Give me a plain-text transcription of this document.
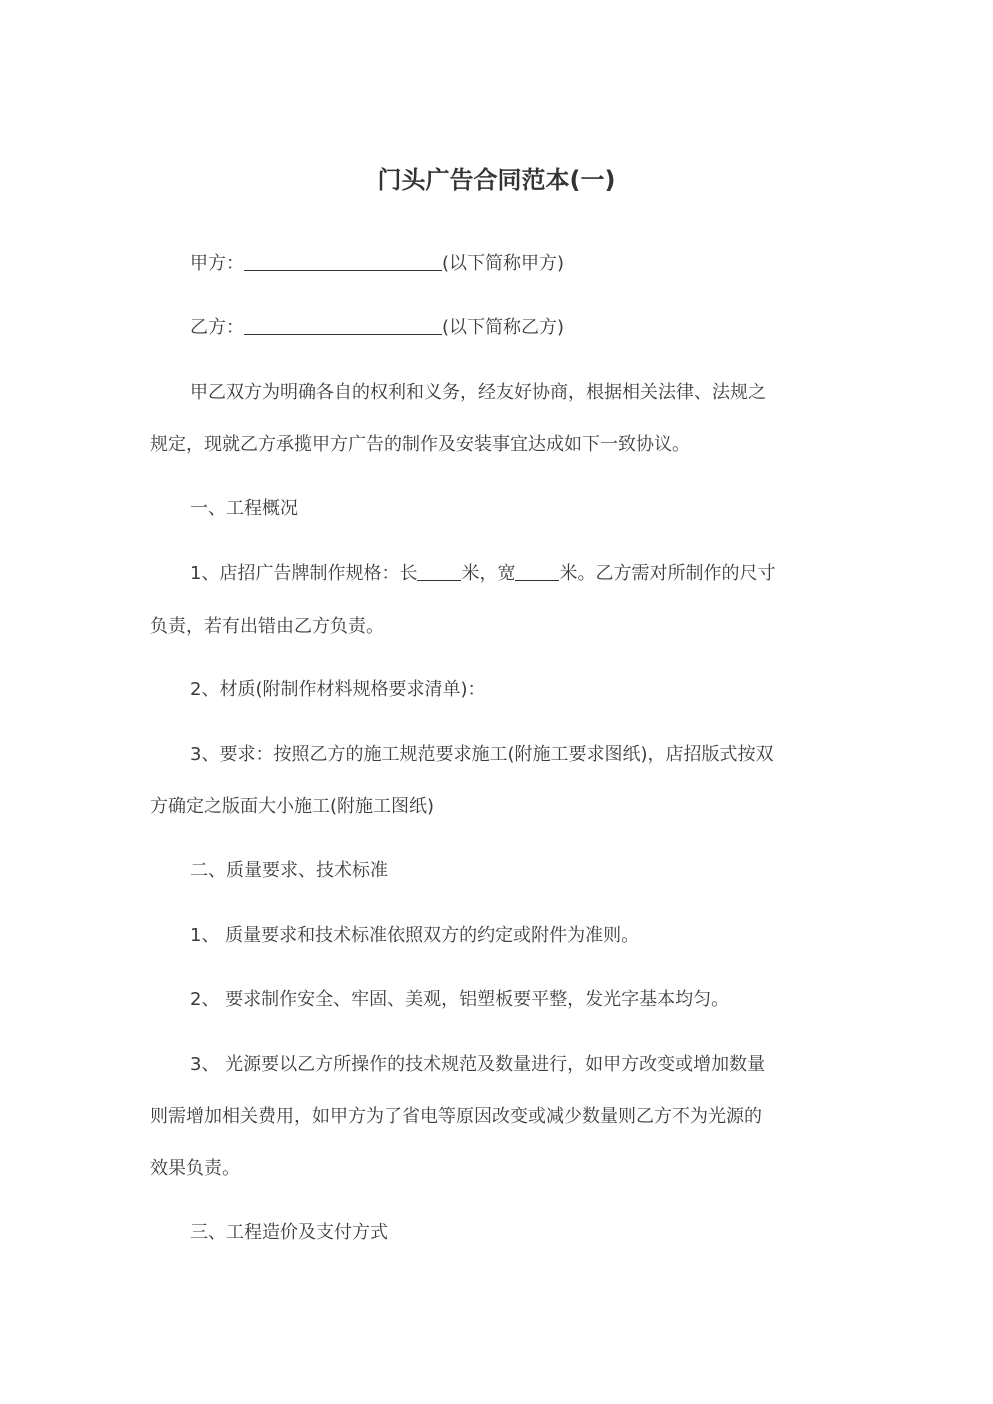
门头广告合同范本(一)
甲方：	(以下简称甲方)
乙方：	(以下简称乙方)
甲乙双方为明确各自的权利和义务，经友好协商，根据相关法律、法规之
规定，现就乙方承揽甲方广告的制作及安装事宜达成如下一致协议。
一、工程概况
1、店招广告牌制作规格：长 米，宽 米。乙方需对所制作的尺寸
负责，若有出错由乙方负责。
2、材质(附制作材料规格要求清单)：
3、要求：按照乙方的施工规范要求施工(附施工要求图纸)，店招版式按双
方确定之版面大小施工(附施工图纸)
二、质量要求、技术标准
1、 质量要求和技术标准依照双方的约定或附件为准则。
2、 要求制作安全、牢固、美观，铝塑板要平整，发光字基本均匀。
3、 光源要以乙方所操作的技术规范及数量进行，如甲方改变或增加数量
则需增加相关费用，如甲方为了省电等原因改变或减少数量则乙方不为光源的
效果负责。
三、工程造价及支付方式
